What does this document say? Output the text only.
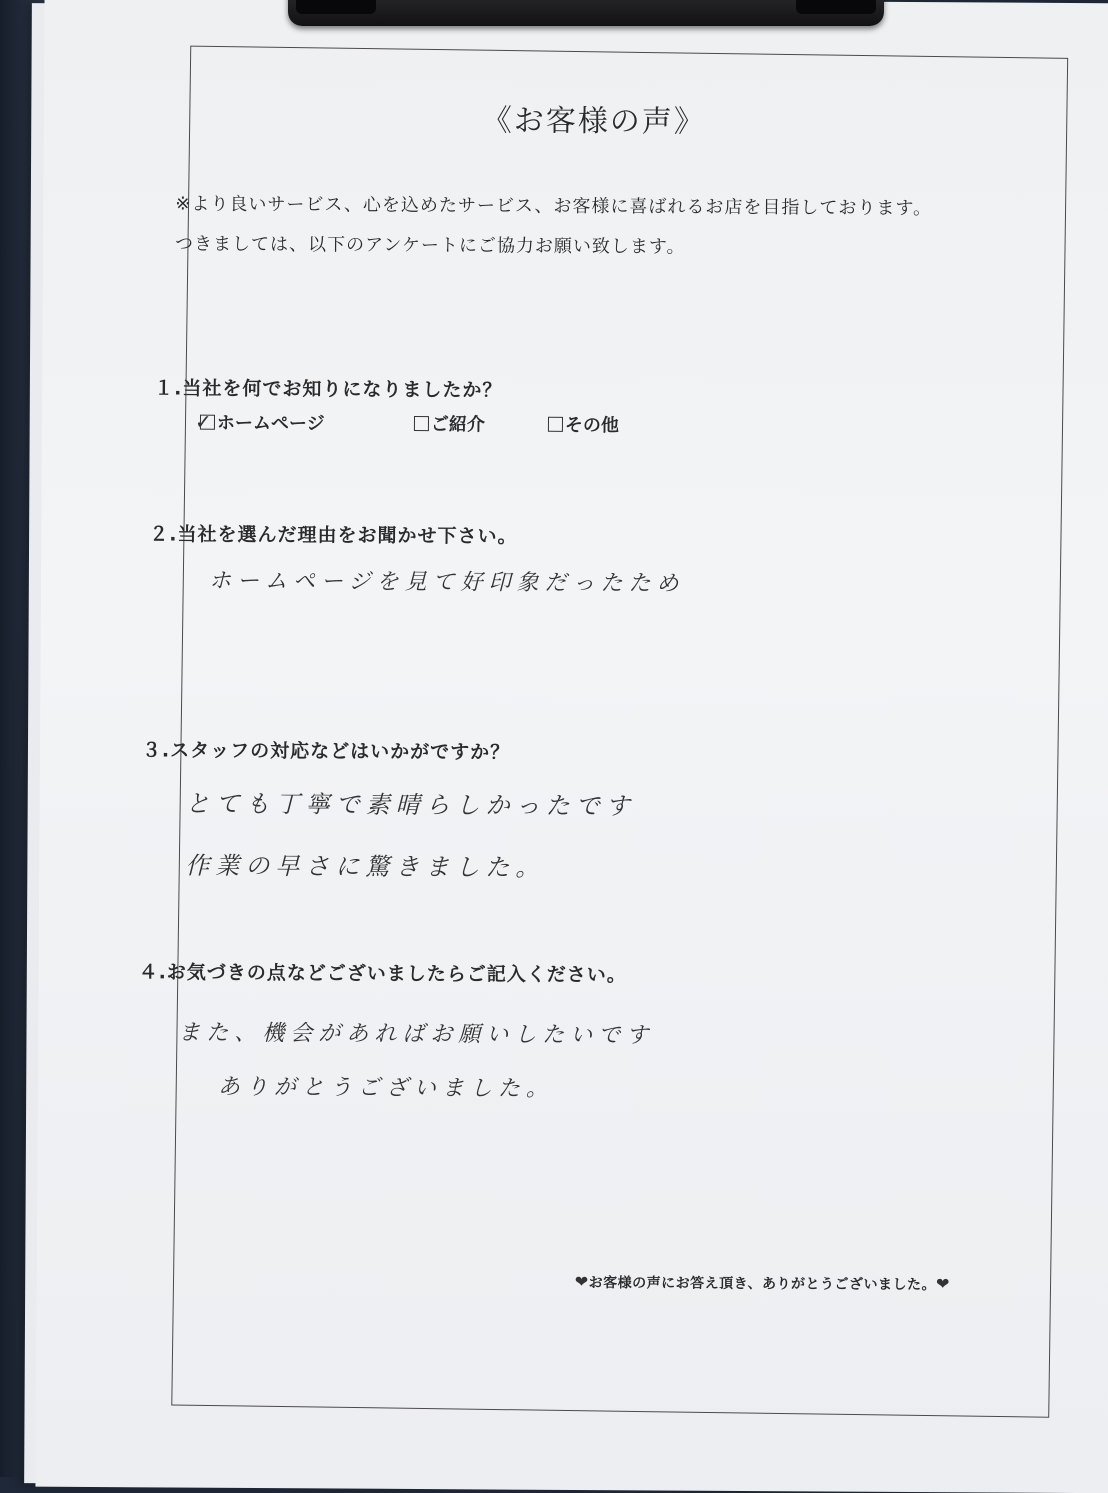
《お客様の声》
※より良いサービス、心を込めたサービス、お客様に喜ばれるお店を目指しております。
つきましては、以下のアンケートにご協力お願い致します。
１.当社を何でお知りになりましたか？
✓ ホームページ	ご紹介	その他
２.当社を選んだ理由をお聞かせ下さい。
ホームページを見て好印象だったため
３.スタッフの対応などはいかがですか？
とても丁寧で素晴らしかったです
作業の早さに驚きました。
４.お気づきの点などございましたらご記入ください。
また、機会があればお願いしたいです
ありがとうございました。
❤お客様の声にお答え頂き、ありがとうございました。❤
